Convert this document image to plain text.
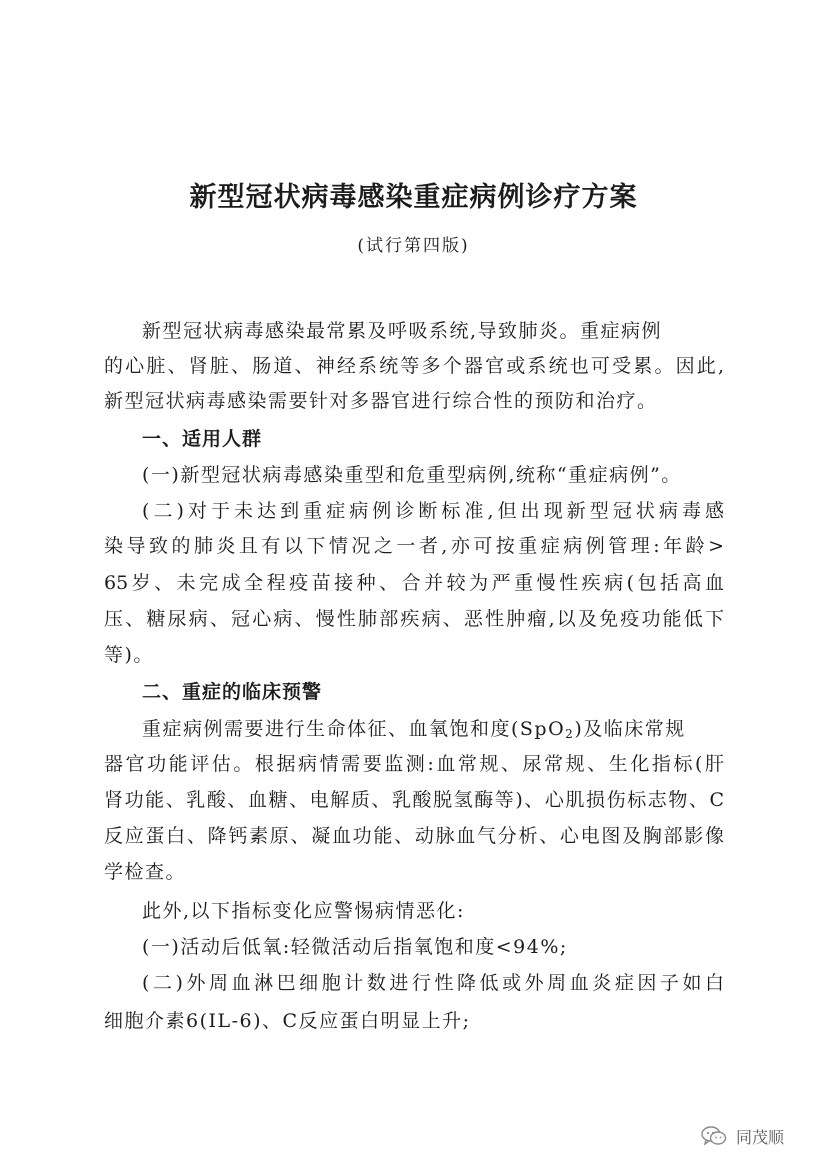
新型冠状病毒感染重症病例诊疗方案
(试行第四版)
新型冠状病毒感染最常累及呼吸系统,导致肺炎。重症病例
的心脏、肾脏、肠道、神经系统等多个器官或系统也可受累。因此,
新型冠状病毒感染需要针对多器官进行综合性的预防和治疗。
一、适用人群
(一)新型冠状病毒感染重型和危重型病例,统称“重症病例”。
(二)对于未达到重症病例诊断标准,但出现新型冠状病毒感
染导致的肺炎且有以下情况之一者,亦可按重症病例管理:年龄>
65岁、未完成全程疫苗接种、合并较为严重慢性疾病(包括高血
压、糖尿病、冠心病、慢性肺部疾病、恶性肿瘤,以及免疫功能低下
等)。
二、重症的临床预警
重症病例需要进行生命体征、血氧饱和度(SpO$_2$)及临床常规
器官功能评估。根据病情需要监测:血常规、尿常规、生化指标(肝
肾功能、乳酸、血糖、电解质、乳酸脱氢酶等)、心肌损伤标志物、C
反应蛋白、降钙素原、凝血功能、动脉血气分析、心电图及胸部影像
学检查。
此外,以下指标变化应警惕病情恶化:
(一)活动后低氧:轻微活动后指氧饱和度<94%;
(二)外周血淋巴细胞计数进行性降低或外周血炎症因子如白
细胞介素6(IL-6)、C反应蛋白明显上升;
同茂顺
